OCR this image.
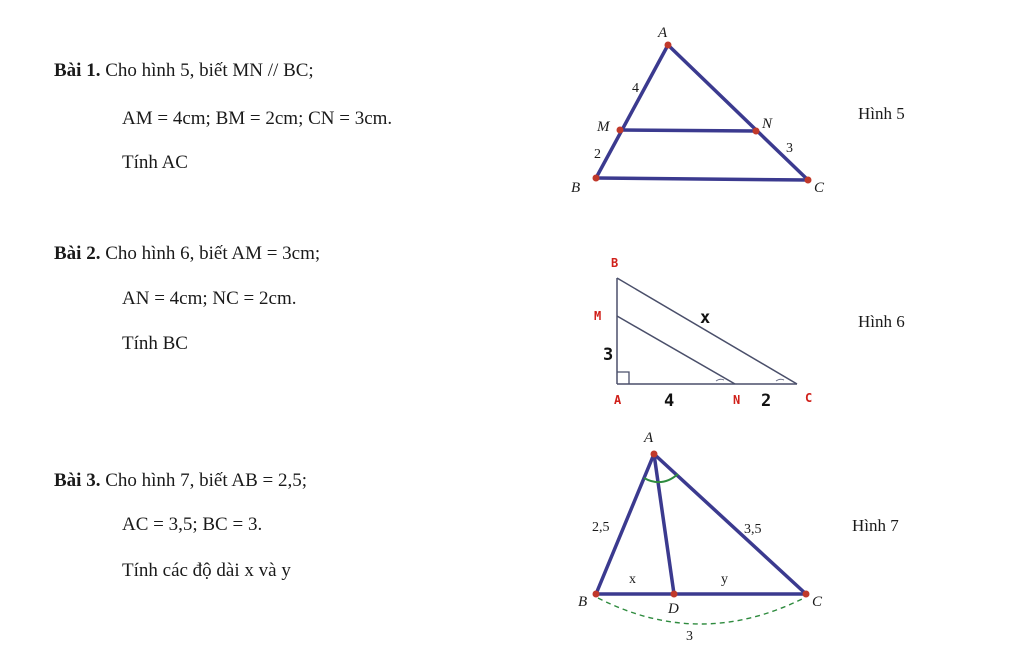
Bài 1. Cho hình 5, biết MN // BC;
AM = 4cm; BM = 2cm; CN = 3cm.
Tính AC
Bài 2. Cho hình 6, biết AM = 3cm;
AN = 4cm; NC = 2cm.
Tính BC
Bài 3. Cho hình 7, biết AB = 2,5;
AC = 3,5; BC = 3.
Tính các độ dài x và y
Hình 5
Hình 6
Hình 7
A
M	N
B	C
4
2	3
B
M
A	N	C
3
4	2
x
A
B	D	C
2,5	3,5
x	y
3
